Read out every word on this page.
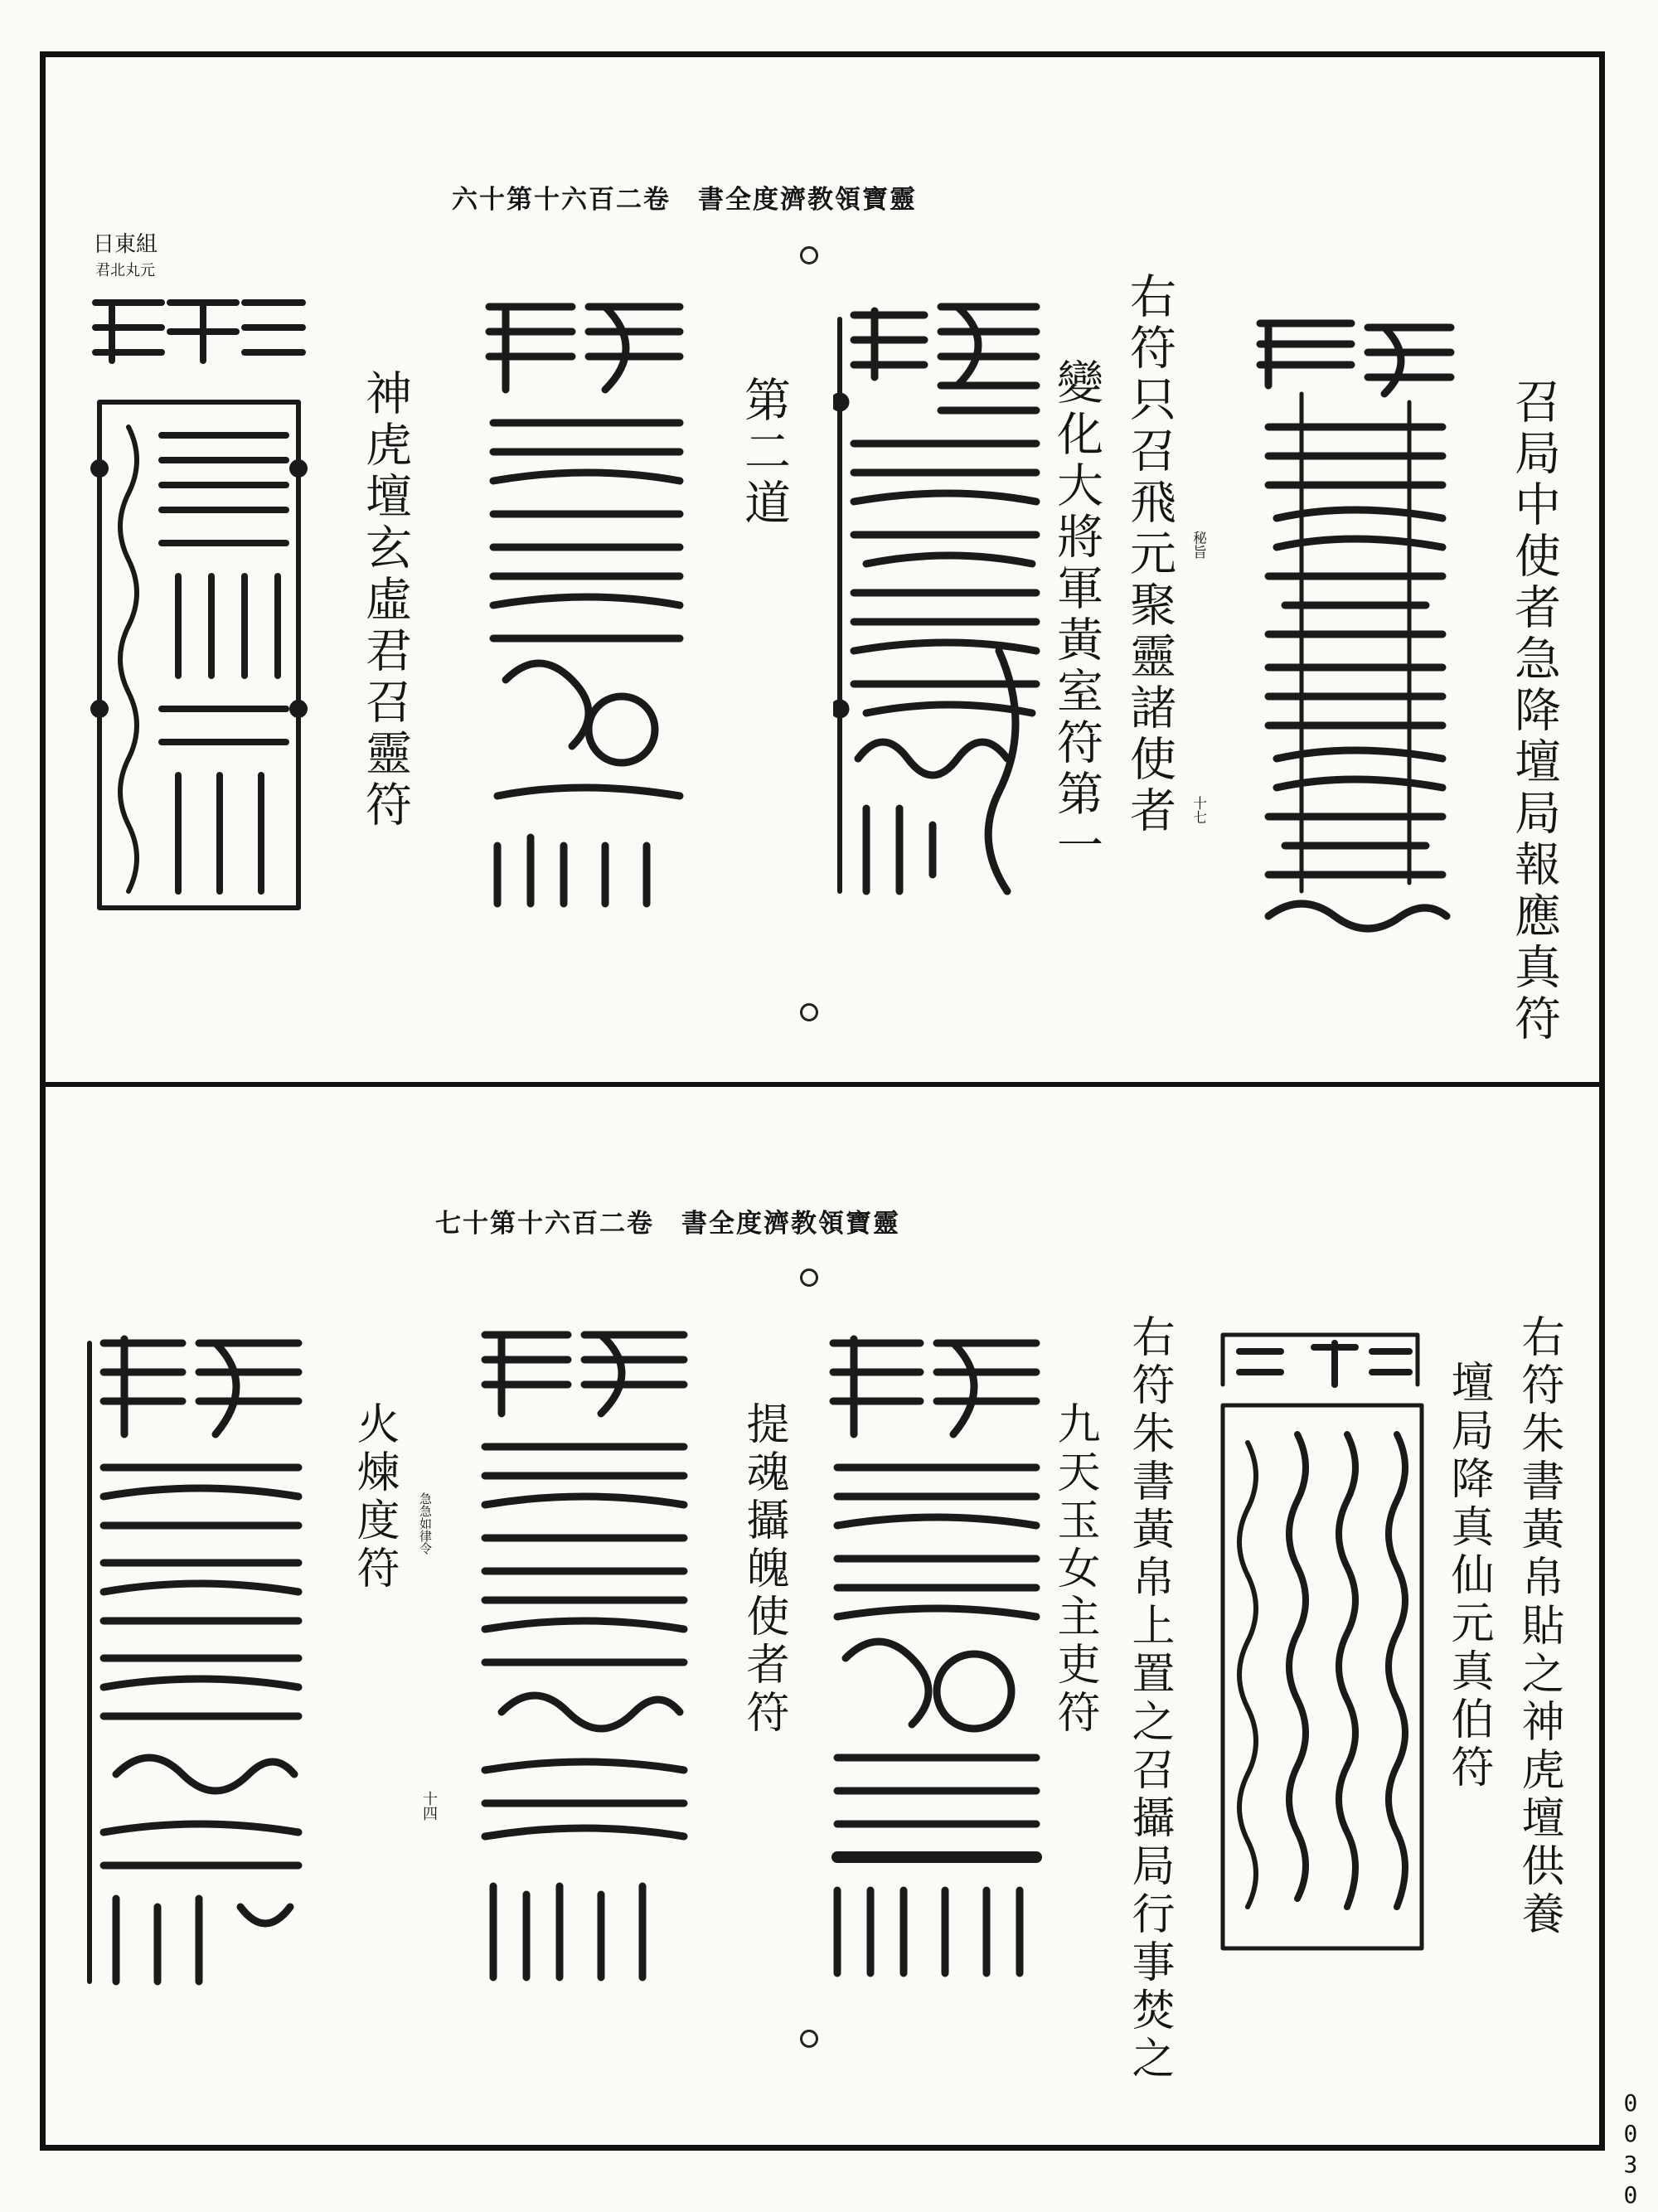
六十第十六百二卷　書全度濟教領寶靈
召局中使者急降壇局報應真符
右符只召飛元聚靈諸使者
變化大將軍黃室符第一
第二道
神虎壇玄虛君召靈符	秘旨
十七
日東組
君北丸元
七十第十六百二卷　書全度濟教領寶靈
右符朱書黃帛貼之神虎壇供養
壇局降真仙元真伯符
右符朱書黃帛上置之召攝局行事焚之
九天玉女主吏符
提魂攝魄使者符
火煉度符 急急如律令
十四
0030
